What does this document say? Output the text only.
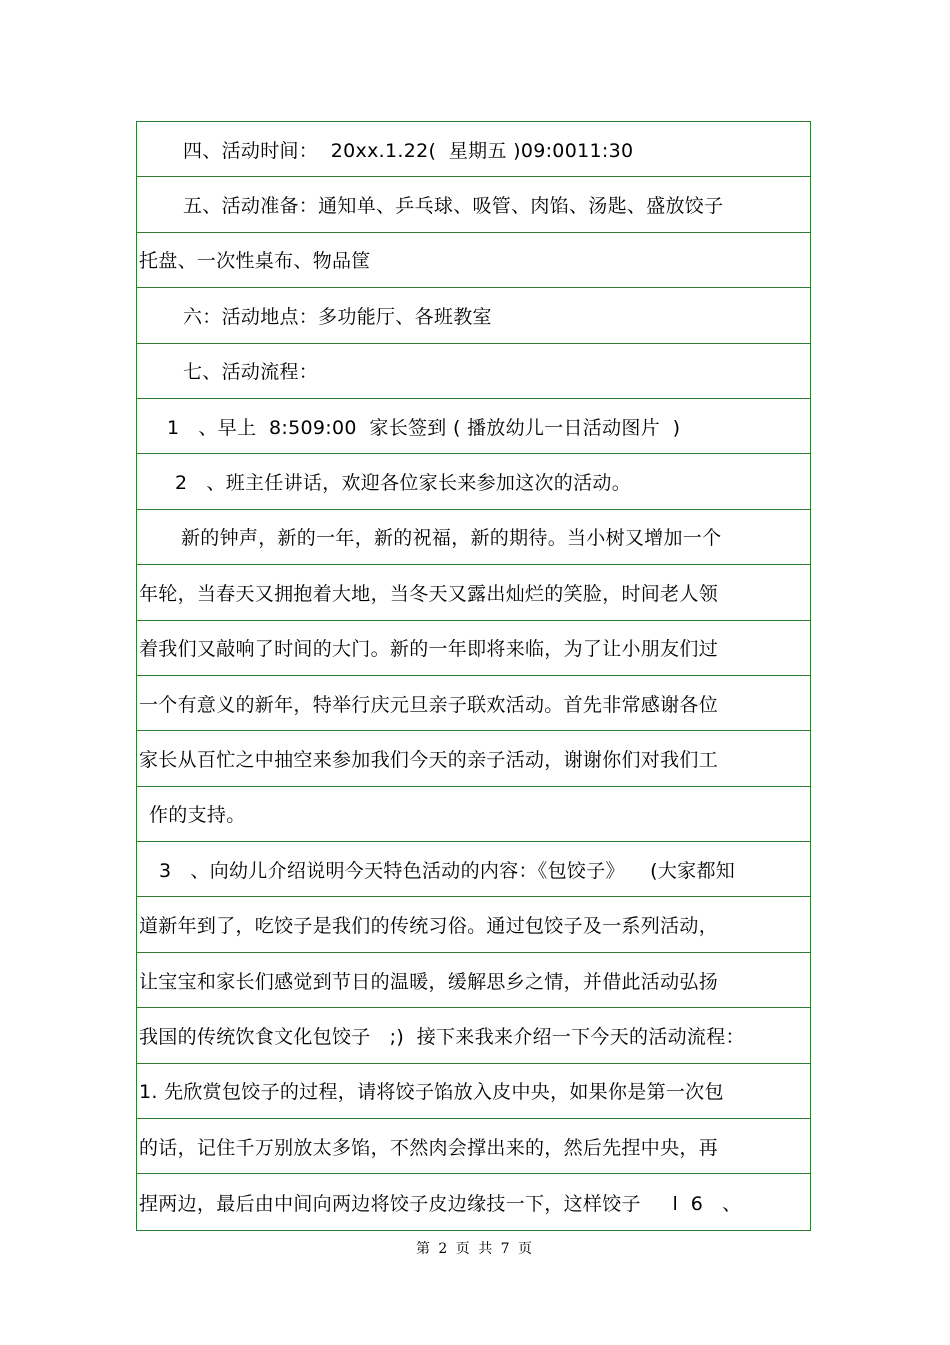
四、活动时间：  20xx.1.22(  星期五 )09:0011:30
五、活动准备：通知单、乒乓球、吸管、肉馅、汤匙、盛放饺子
托盘、一次性桌布、物品筐
六：活动地点：多功能厅、各班教室
七、活动流程：
1   、早上  8:509:00  家长签到 ( 播放幼儿一日活动图片  )
2   、班主任讲话，欢迎各位家长来参加这次的活动。
新的钟声，新的一年，新的祝福，新的期待。当小树又增加一个
年轮，当春天又拥抱着大地，当冬天又露出灿烂的笑脸，时间老人领
着我们又敲响了时间的大门。新的一年即将来临，为了让小朋友们过
一个有意义的新年，特举行庆元旦亲子联欢活动。首先非常感谢各位
家长从百忙之中抽空来参加我们今天的亲子活动，谢谢你们对我们工
作的支持。
3   、向幼儿介绍说明今天特色活动的内容：《包饺子》    (大家都知
道新年到了，吃饺子是我们的传统习俗。通过包饺子及一系列活动，
让宝宝和家长们感觉到节日的温暖，缓解思乡之情，并借此活动弘扬
我国的传统饮食文化包饺子   ;)  接下来我来介绍一下今天的活动流程：
1. 先欣赏包饺子的过程，请将饺子馅放入皮中央，如果你是第一次包
的话，记住千万别放太多馅，不然肉会撑出来的，然后先捏中央，再
捏两边，最后由中间向两边将饺子皮边缘技一下，这样饺子     l  6   、
第 2 页 共 7 页
